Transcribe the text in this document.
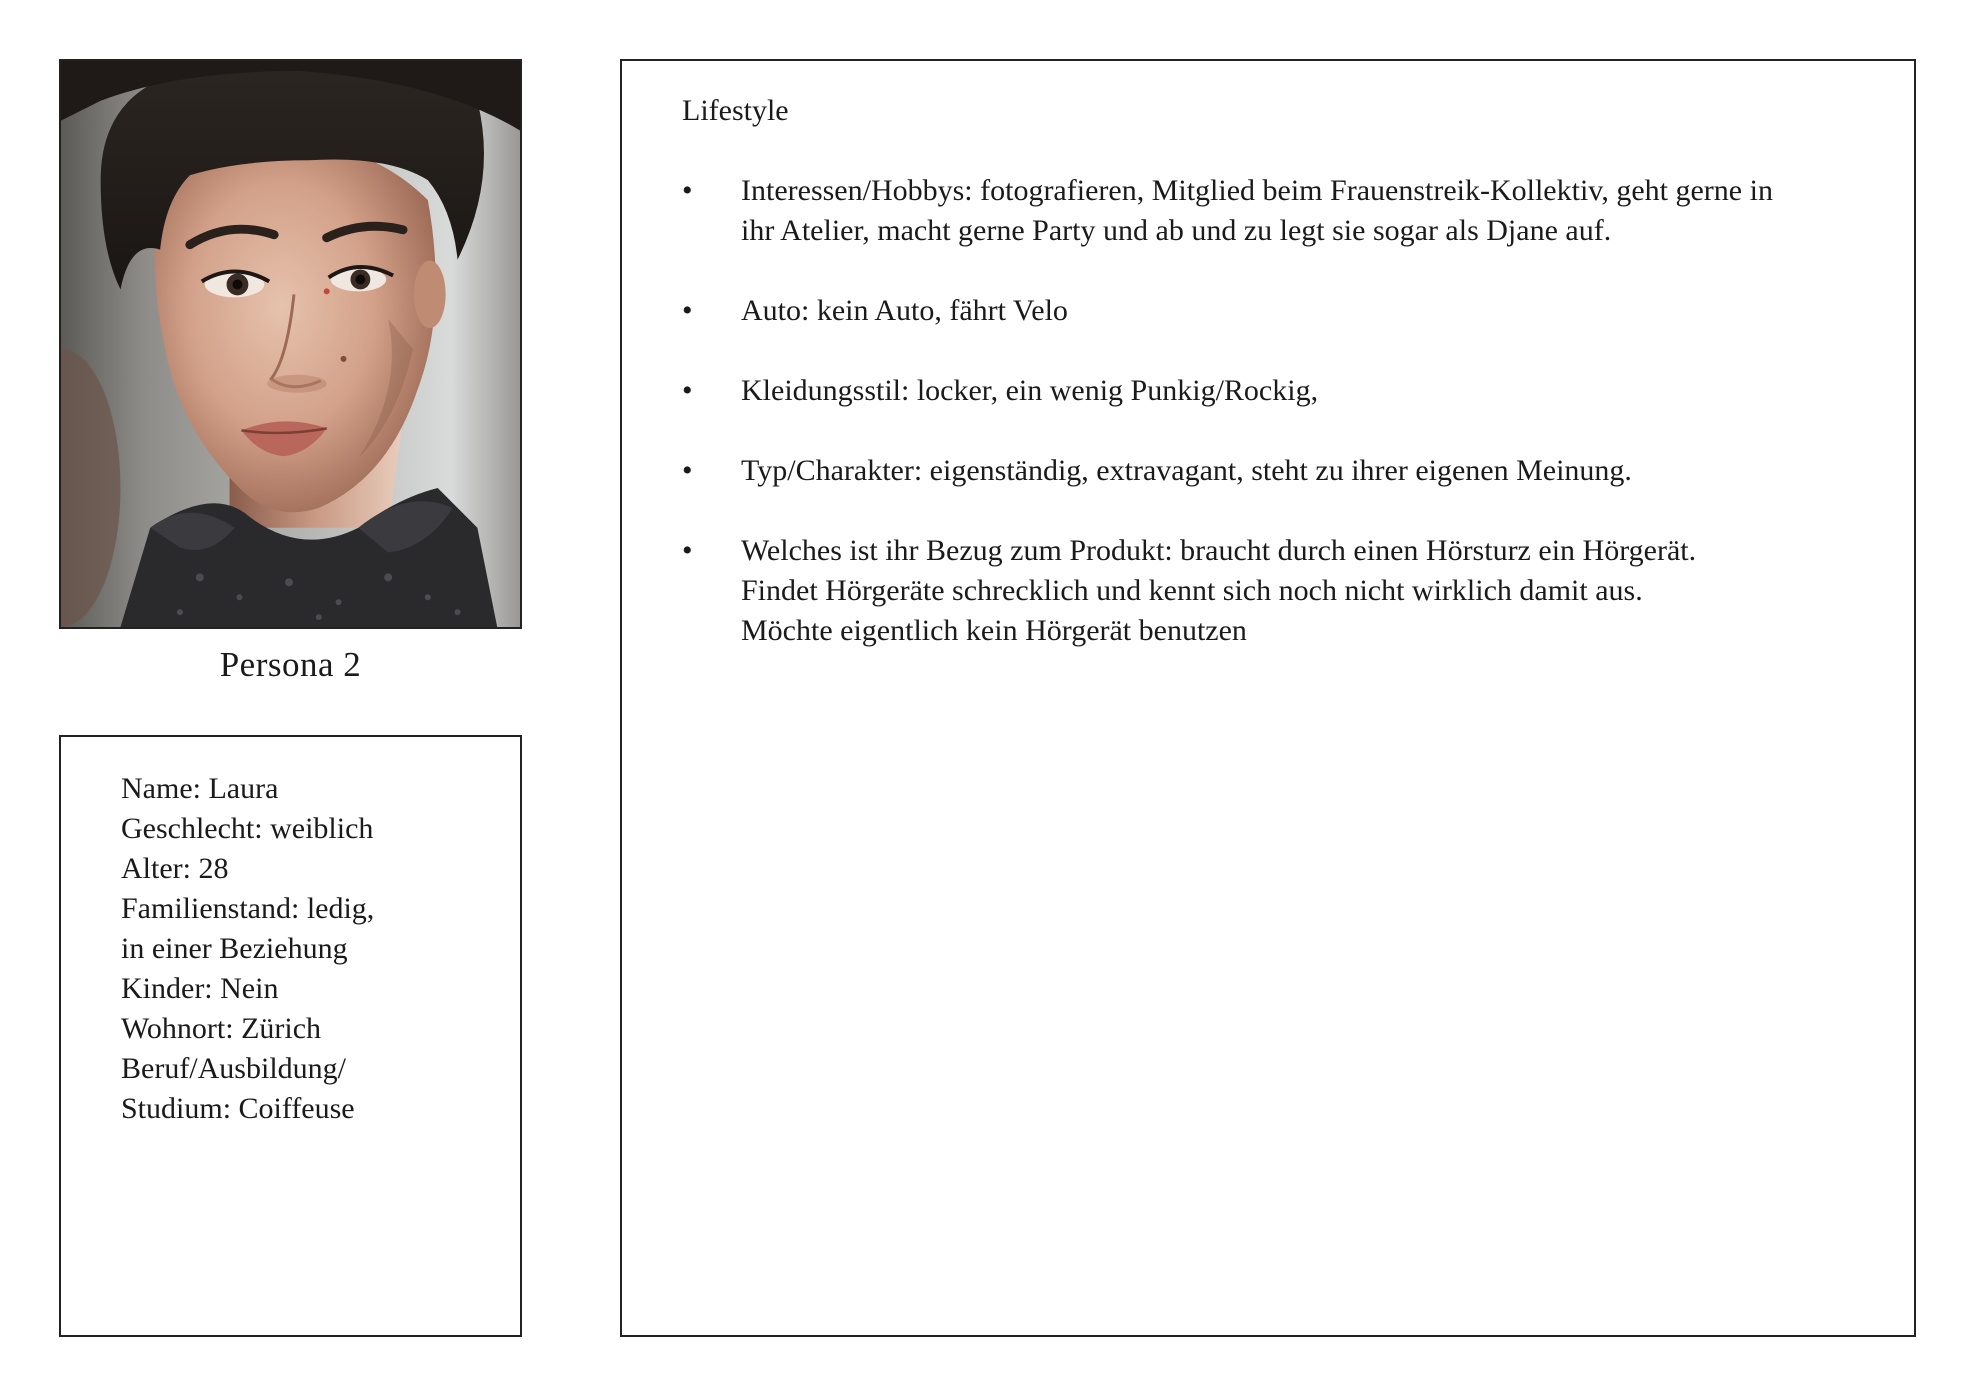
Persona 2
Name: Laura
Geschlecht: weiblich
Alter: 28
Familienstand: ledig,
in einer Beziehung
Kinder: Nein
Wohnort: Zürich
Beruf/Ausbildung/
Studium: Coiffeuse
Lifestyle
•	Interessen/Hobbys: fotografieren, Mitglied beim Frauenstreik-Kollektiv, geht gerne in
ihr Atelier, macht gerne Party und ab und zu legt sie sogar als Djane auf.
•	Auto: kein Auto, fährt Velo
•	Kleidungsstil: locker, ein wenig Punkig/Rockig,
•	Typ/Charakter: eigenständig, extravagant, steht zu ihrer eigenen Meinung.
•	Welches ist ihr Bezug zum Produkt: braucht durch einen Hörsturz ein Hörgerät.
Findet Hörgeräte schrecklich und kennt sich noch nicht wirklich damit aus.
Möchte eigentlich kein Hörgerät benutzen
